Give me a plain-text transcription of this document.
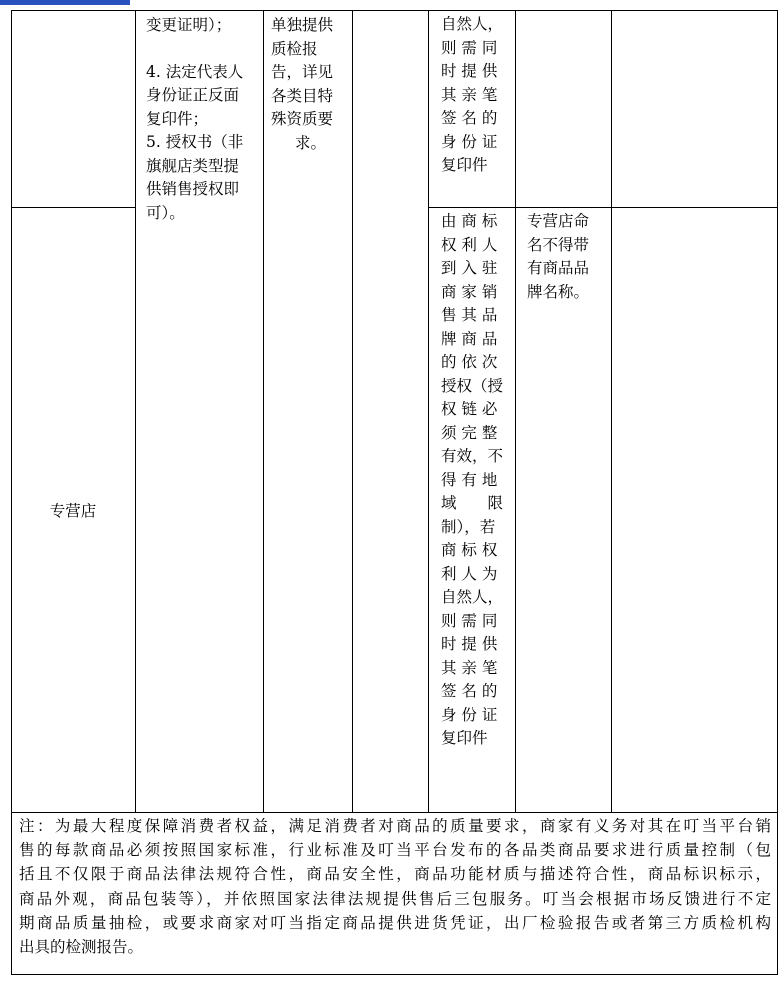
专营店
变更证明）；
4. 法定代表人
身份证正反面
复印件；
5. 授权书（非
旗舰店类型提
供销售授权即
可）。
单独提供
质检报
告，详见
各类目特
殊资质要
求。
自然人，
则 需 同
时 提 供
其 亲 笔
签 名 的
身 份 证
复印件
由 商 标
权 利 人
到 入 驻
商 家 销
售 其 品
牌 商 品
的 依 次
授权（授
权 链 必
须 完 整
有效，不
得 有 地
域　　限
制），若
商 标 权
利 人 为
自然人，
则 需 同
时 提 供
其 亲 笔
签 名 的
身 份 证
复印件
专营店命
名不得带
有商品品
牌名称。
注：为最大程度保障消费者权益，满足消费者对商品的质量要求，商家有义务对其在叮当平台销
售的每款商品必须按照国家标准，行业标准及叮当平台发布的各品类商品要求进行质量控制（包
括且不仅限于商品法律法规符合性，商品安全性，商品功能材质与描述符合性，商品标识标示，
商品外观，商品包装等），并依照国家法律法规提供售后三包服务。叮当会根据市场反馈进行不定
期商品质量抽检，或要求商家对叮当指定商品提供进货凭证，出厂检验报告或者第三方质检机构
出具的检测报告。
